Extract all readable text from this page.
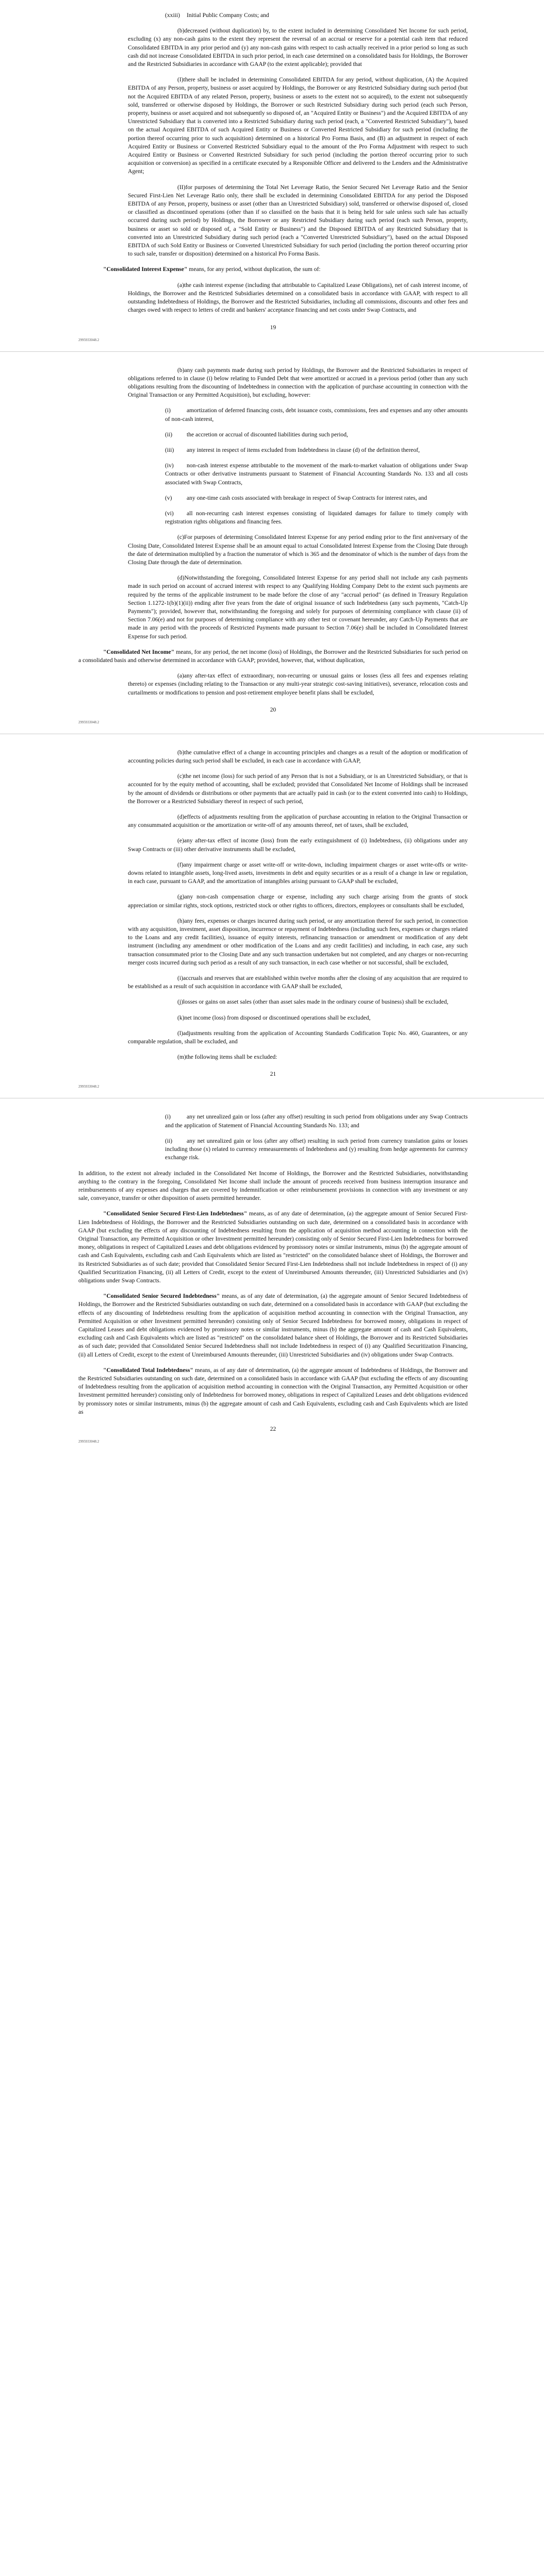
(xxiii) Initial Public Company Costs; and

(b)decreased (without duplication) by, to the extent included in determining Consolidated Net Income for such period, excluding (x) any non-cash gains to the extent they represent the reversal of an accrual or reserve for a potential cash item that reduced Consolidated EBITDA in any prior period and (y) any non-cash gains with respect to cash actually received in a prior period so long as such cash did not increase Consolidated EBITDA in such prior period, in each case determined on a consolidated basis for Holdings, the Borrower and the Restricted Subsidiaries in accordance with GAAP (to the extent applicable); provided that

(I)there shall be included in determining Consolidated EBITDA for any period, without duplication, (A) the Acquired EBITDA of any Person, property, business or asset acquired by Holdings, the Borrower or any Restricted Subsidiary during such period (but not the Acquired EBITDA of any related Person, property, business or assets to the extent not so acquired), to the extent not subsequently sold, transferred or otherwise disposed by Holdings, the Borrower or such Restricted Subsidiary during such period (each such Person, property, business or asset acquired and not subsequently so disposed of, an "Acquired Entity or Business") and the Acquired EBITDA of any Unrestricted Subsidiary that is converted into a Restricted Subsidiary during such period (each, a "Converted Restricted Subsidiary"), based on the actual Acquired EBITDA of such Acquired Entity or Business or Converted Restricted Subsidiary for such period (including the portion thereof occurring prior to such acquisition) determined on a historical Pro Forma Basis, and (B) an adjustment in respect of each Acquired Entity or Business or Converted Restricted Subsidiary equal to the amount of the Pro Forma Adjustment with respect to such Acquired Entity or Business or Converted Restricted Subsidiary for such period (including the portion thereof occurring prior to such acquisition or conversion) as specified in a certificate executed by a Responsible Officer and delivered to the Lenders and the Administrative Agent;

(II)for purposes of determining the Total Net Leverage Ratio, the Senior Secured Net Leverage Ratio and the Senior Secured First-Lien Net Leverage Ratio only, there shall be excluded in determining Consolidated EBITDA for any period the Disposed EBITDA of any Person, property, business or asset (other than an Unrestricted Subsidiary) sold, transferred or otherwise disposed of, closed or classified as discontinued operations (other than if so classified on the basis that it is being held for sale unless such sale has actually occurred during such period) by Holdings, the Borrower or any Restricted Subsidiary during such period (each such Person, property, business or asset so sold or disposed of, a "Sold Entity or Business") and the Disposed EBITDA of any Restricted Subsidiary that is converted into an Unrestricted Subsidiary during such period (each a "Converted Unrestricted Subsidiary"), based on the actual Disposed EBITDA of such Sold Entity or Business or Converted Unrestricted Subsidiary for such period (including the portion thereof occurring prior to such sale, transfer or disposition) determined on a historical Pro Forma Basis.

"Consolidated Interest Expense" means, for any period, without duplication, the sum of:

(a)the cash interest expense (including that attributable to Capitalized Lease Obligations), net of cash interest income, of Holdings, the Borrower and the Restricted Subsidiaries determined on a consolidated basis in accordance with GAAP, with respect to all outstanding Indebtedness of Holdings, the Borrower and the Restricted Subsidiaries, including all commissions, discounts and other fees and charges owed with respect to letters of credit and bankers' acceptance financing and net costs under Swap Contracts, and

19
2995933048.2

(b)any cash payments made during such period by Holdings, the Borrower and the Restricted Subsidiaries in respect of obligations referred to in clause (i) below relating to Funded Debt that were amortized or accrued in a previous period (other than any such obligations resulting from the discounting of Indebtedness in connection with the application of purchase accounting in connection with the Original Transaction or any Permitted Acquisition), but excluding, however:

(i)	amortization of deferred financing costs, debt issuance costs, commissions, fees and expenses and any other amounts of non-cash interest,

(ii) the accretion or accrual of discounted liabilities during such period,

(iii) any interest in respect of items excluded from Indebtedness in clause (d) of the definition thereof,

(iv) non-cash interest expense attributable to the movement of the mark-to-market valuation of obligations under Swap Contracts or other derivative instruments pursuant to Statement of Financial Accounting Standards No. 133 and all costs associated with Swap Contracts,

(v) any one-time cash costs associated with breakage in respect of Swap Contracts for interest rates, and

(vi) all non-recurring cash interest expenses consisting of liquidated damages for failure to timely comply with registration rights obligations and financing fees.

(c)For purposes of determining Consolidated Interest Expense for any period ending prior to the first anniversary of the Closing Date, Consolidated Interest Expense shall be an amount equal to actual Consolidated Interest Expense from the Closing Date through the date of determination multiplied by a fraction the numerator of which is 365 and the denominator of which is the number of days from the Closing Date through the date of determination.

(d)Notwithstanding the foregoing, Consolidated Interest Expense for any period shall not include any cash payments made in such period on account of accrued interest with respect to any Qualifying Holding Company Debt to the extent such payments are required by the terms of the applicable instrument to be made before the close of any "accrual period" (as defined in Treasury Regulation Section 1.1272-1(b)(1)(ii)) ending after five years from the date of original issuance of such Indebtedness (any such payments, "Catch-Up Payments"); provided, however that, notwithstanding the foregoing and solely for purposes of determining compliance with clause (ii) of Section 7.06(e) and not for purposes of determining compliance with any other test or covenant hereunder, any Catch-Up Payments that are made in any period with the proceeds of Restricted Payments made pursuant to Section 7.06(e) shall be included in Consolidated Interest Expense for such period.

"Consolidated Net Income" means, for any period, the net income (loss) of Holdings, the Borrower and the Restricted Subsidiaries for such period on a consolidated basis and otherwise determined in accordance with GAAP; provided, however, that, without duplication,

(a)any after-tax effect of extraordinary, non-recurring or unusual gains or losses (less all fees and expenses relating thereto) or expenses (including relating to the Transaction or any multi-year strategic cost-saving initiatives), severance, relocation costs and curtailments or modifications to pension and post-retirement employee benefit plans shall be excluded,

20
2995933048.2

(b)the cumulative effect of a change in accounting principles and changes as a result of the adoption or modification of accounting policies during such period shall be excluded, in each case in accordance with GAAP,

(c)the net income (loss) for such period of any Person that is not a Subsidiary, or is an Unrestricted Subsidiary, or that is accounted for by the equity method of accounting, shall be excluded; provided that Consolidated Net Income of Holdings shall be increased by the amount of dividends or distributions or other payments that are actually paid in cash (or to the extent converted into cash) to Holdings, the Borrower or a Restricted Subsidiary thereof in respect of such period,

(d)effects of adjustments resulting from the application of purchase accounting in relation to the Original Transaction or any consummated acquisition or the amortization or write-off of any amounts thereof, net of taxes, shall be excluded,

(e)any after-tax effect of income (loss) from the early extinguishment of (i) Indebtedness, (ii) obligations under any Swap Contracts or (iii) other derivative instruments shall be excluded,

(f)any impairment charge or asset write-off or write-down, including impairment charges or asset write-offs or write-downs related to intangible assets, long-lived assets, investments in debt and equity securities or as a result of a change in law or regulation, in each case, pursuant to GAAP, and the amortization of intangibles arising pursuant to GAAP shall be excluded,

(g)any non-cash compensation charge or expense, including any such charge arising from the grants of stock appreciation or similar rights, stock options, restricted stock or other rights to officers, directors, employees or consultants shall be excluded,

(h)any fees, expenses or charges incurred during such period, or any amortization thereof for such period, in connection with any acquisition, investment, asset disposition, incurrence or repayment of Indebtedness (including such fees, expenses or charges related to the Loans and any credit facilities), issuance of equity interests, refinancing transaction or amendment or modification of any debt instrument (including any amendment or other modification of the Loans and any credit facilities) and including, in each case, any such transaction consummated prior to the Closing Date and any such transaction undertaken but not completed, and any charges or non-recurring merger costs incurred during such period as a result of any such transaction, in each case whether or not successful, shall be excluded,

(i)accruals and reserves that are established within twelve months after the closing of any acquisition that are required to be established as a result of such acquisition in accordance with GAAP shall be excluded,

(j)losses or gains on asset sales (other than asset sales made in the ordinary course of business) shall be excluded,

(k)net income (loss) from disposed or discontinued operations shall be excluded,

(l)adjustments resulting from the application of Accounting Standards Codification Topic No. 460, Guarantees, or any comparable regulation, shall be excluded, and

(m)the following items shall be excluded:

21
2995933048.2

(i)	any net unrealized gain or loss (after any offset) resulting in such period from obligations under any Swap Contracts and the application of Statement of Financial Accounting Standards No. 133; and

(ii) any net unrealized gain or loss (after any offset) resulting in such period from currency translation gains or losses including those (x) related to currency remeasurements of Indebtedness and (y) resulting from hedge agreements for currency exchange risk.

In addition, to the extent not already included in the Consolidated Net Income of Holdings, the Borrower and the Restricted Subsidiaries, notwithstanding anything to the contrary in the foregoing, Consolidated Net Income shall include the amount of proceeds received from business interruption insurance and reimbursements of any expenses and charges that are covered by indemnification or other reimbursement provisions in connection with any investment or any sale, conveyance, transfer or other disposition of assets permitted hereunder.

"Consolidated Senior Secured First-Lien Indebtedness" means, as of any date of determination, (a) the aggregate amount of Senior Secured First-Lien Indebtedness of Holdings, the Borrower and the Restricted Subsidiaries outstanding on such date, determined on a consolidated basis in accordance with GAAP (but excluding the effects of any discounting of Indebtedness resulting from the application of acquisition method accounting in connection with the Original Transaction, any Permitted Acquisition or other Investment permitted hereunder) consisting only of Senior Secured First-Lien Indebtedness for borrowed money, obligations in respect of Capitalized Leases and debt obligations evidenced by promissory notes or similar instruments, minus (b) the aggregate amount of cash and Cash Equivalents, excluding cash and Cash Equivalents which are listed as "restricted" on the consolidated balance sheet of Holdings, the Borrower and its Restricted Subsidiaries as of such date; provided that Consolidated Senior Secured First-Lien Indebtedness shall not include Indebtedness in respect of (i) any Qualified Securitization Financing, (ii) all Letters of Credit, except to the extent of Unreimbursed Amounts thereunder, (iii) Unrestricted Subsidiaries and (iv) obligations under Swap Contracts.

"Consolidated Senior Secured Indebtedness" means, as of any date of determination, (a) the aggregate amount of Senior Secured Indebtedness of Holdings, the Borrower and the Restricted Subsidiaries outstanding on such date, determined on a consolidated basis in accordance with GAAP (but excluding the effects of any discounting of Indebtedness resulting from the application of acquisition method accounting in connection with the Original Transaction, any Permitted Acquisition or other Investment permitted hereunder) consisting only of Senior Secured Indebtedness for borrowed money, obligations in respect of Capitalized Leases and debt obligations evidenced by promissory notes or similar instruments, minus (b) the aggregate amount of cash and Cash Equivalents, excluding cash and Cash Equivalents which are listed as "restricted" on the consolidated balance sheet of Holdings, the Borrower and its Restricted Subsidiaries as of such date; provided that Consolidated Senior Secured Indebtedness shall not include Indebtedness in respect of (i) any Qualified Securitization Financing, (ii) all Letters of Credit, except to the extent of Unreimbursed Amounts thereunder, (iii) Unrestricted Subsidiaries and (iv) obligations under Swap Contracts.

"Consolidated Total Indebtedness" means, as of any date of determination, (a) the aggregate amount of Indebtedness of Holdings, the Borrower and the Restricted Subsidiaries outstanding on such date, determined on a consolidated basis in accordance with GAAP (but excluding the effects of any discounting of Indebtedness resulting from the application of acquisition method accounting in connection with the Original Transaction, any Permitted Acquisition or other Investment permitted hereunder) consisting only of Indebtedness for borrowed money, obligations in respect of Capitalized Leases and debt obligations evidenced by promissory notes or similar instruments, minus (b) the aggregate amount of cash and Cash Equivalents, excluding cash and Cash Equivalents which are listed as

22
2995933048.2
